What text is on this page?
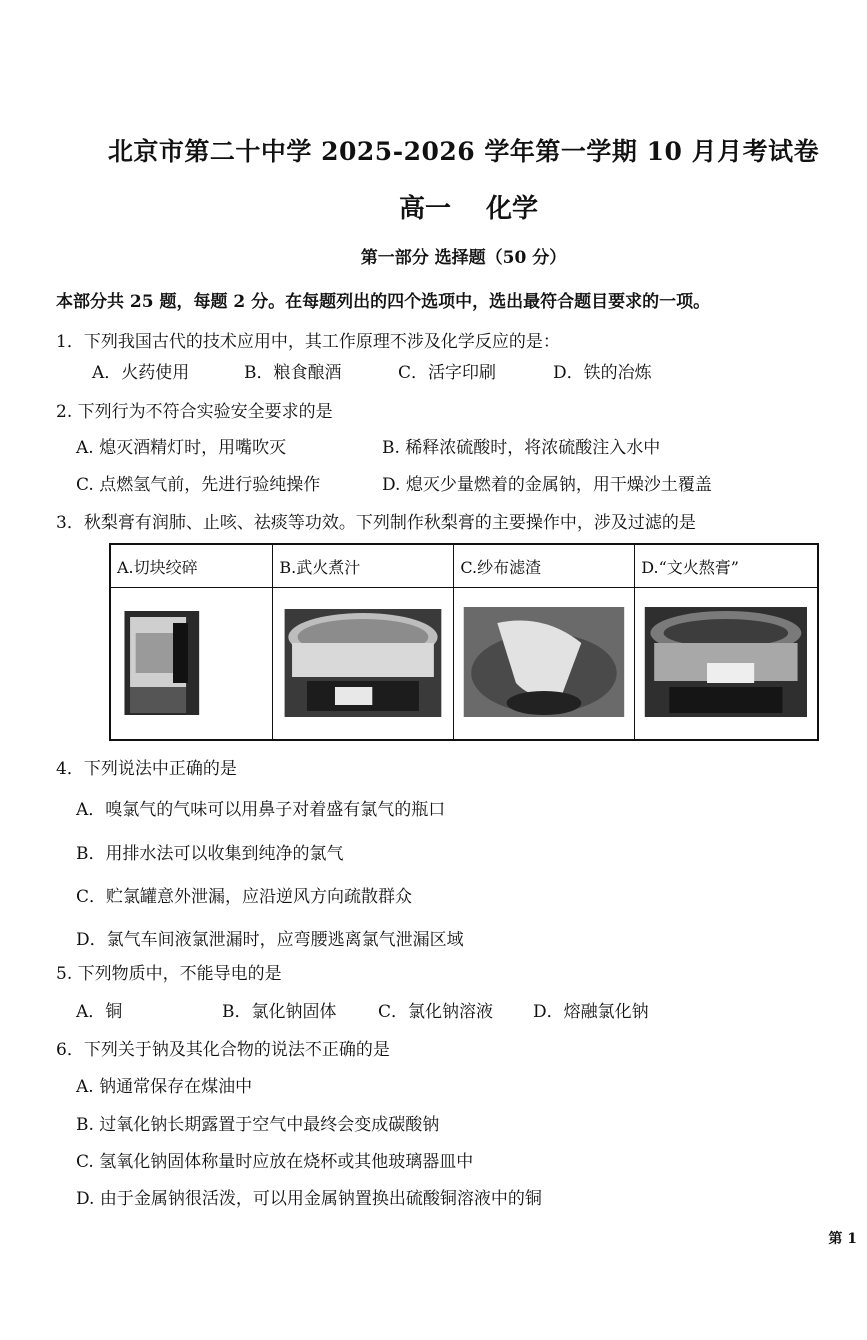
北京市第二十中学 2025-2026 学年第一学期 10 月月考试卷
高一　 化学
第一部分 选择题（50 分）
本部分共 25 题，每题 2 分。在每题列出的四个选项中，选出最符合题目要求的一项。
1．下列我国古代的技术应用中，其工作原理不涉及化学反应的是：
A．火药使用	B．粮食酿酒	C．活字印刷	D．铁的冶炼
2. 下列行为不符合实验安全要求的是
A. 熄灭酒精灯时，用嘴吹灭	B. 稀释浓硫酸时，将浓硫酸注入水中
C. 点燃氢气前，先进行验纯操作	D. 熄灭少量燃着的金属钠，用干燥沙土覆盖
3．秋梨膏有润肺、止咳、祛痰等功效。下列制作秋梨膏的主要操作中，涉及过滤的是
A.切块绞碎	B.武火煮汁	C.纱布滤渣	D.“文火熬膏”

4．下列说法中正确的是
A．嗅氯气的气味可以用鼻子对着盛有氯气的瓶口
B．用排水法可以收集到纯净的氯气
C．贮氯罐意外泄漏，应沿逆风方向疏散群众
D．氯气车间液氯泄漏时，应弯腰逃离氯气泄漏区域
5. 下列物质中，不能导电的是
A．铜	B．氯化钠固体 C．氯化钠溶液 D．熔融氯化钠
6．下列关于钠及其化合物的说法不正确的是
A. 钠通常保存在煤油中
B. 过氧化钠长期露置于空气中最终会变成碳酸钠
C. 氢氧化钠固体称量时应放在烧杯或其他玻璃器皿中
D. 由于金属钠很活泼，可以用金属钠置换出硫酸铜溶液中的铜
第 1
